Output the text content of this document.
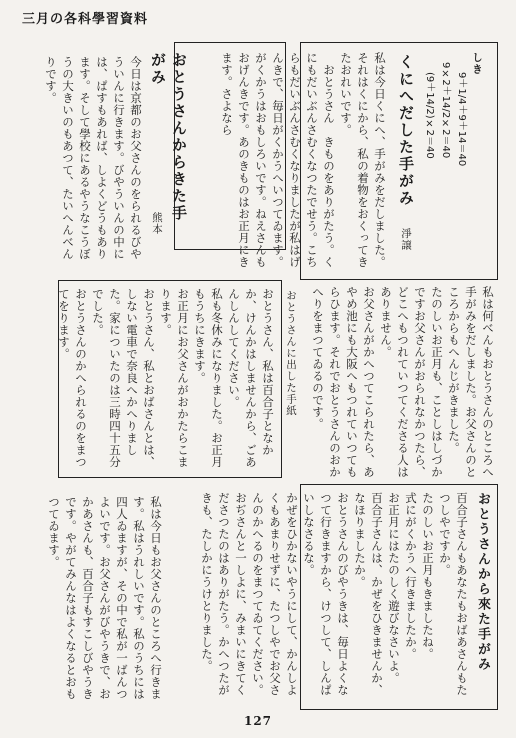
三月の各科學習資料
しき
9＋1/4＋9＋14＝40
9×2＋14/2×2＝40
(9＋14/2)×2＝40
くにへだした手がみ
淨譲
私は今日くにへ、手がみをだしました。それはくにから、私の着物をおくってきたおれいです。
　おとうさん　きものをありがたう。くにもだいぶんさむくなつたでせう。こちらもだいぶんさむくなりましたが私はげんきで、毎日がくかうへいつてゐます。がくかうはおもしろいです。ねえさんもおげんきです。あのきものはお正月にきます。さよなら
おとうさんからきた手がみ
熊本
今日は京都のお父さんのをられるびやういんに行きます。びやういんの中には、ぱすもあれば、しよくどうもあります。そして學校にあるやうなこうぼうの大きいのもあつて、たいへんべんりです。
私は何べんもおとうさんのところへ手がみをだしました。お父さんのところからもへんじがきました。
たのしいお正月も、ことしはしづかですお父さんがおられなかつたら、どこへもつれていつてくださる人はありません。
お父さんがかへつてこられたら、あやめ池にも大阪へもつれていつてもらひます。それでおとうさんのおかへりをまつてゐるのです。
おとうさんに出した手紙
おとうさん、私は百合子となかか、けんかはしませんから、ごあんしんしてください。
私も冬休みになりました。お正月もうちにきます。
お正月にお父さんがおかたらこまります。
おとうさん、私とおばさんとは、しない電車で奈良へかへりました。家についたのは三時四十五分でした。
おとうさんのかへられるのをまつてをります。
おとうさんから來た手がみ
百合子さんもあなたもおばあさんもたつしやですか。
たのしいお正月もきましたね。
式にがくかうへ行きましたか。
お正月にはたのしく遊びなさいよ。
百合子さんは、かぜをひきませんか、なほりましたか。
おとうさんのびやうきは、毎日よくなつて行きますから、けつして、しんぱいしなさるな。
かぜをひかないやうにして、かんしよくもあまりせずに、たつしやでお父さんのかへるのをまつてゐてください。
おぢさんと一しよに、みまいにきてくださつたのはありがたう。かへつたがきも、たしかにうけとりました。
私は今日もお父さんのところへ行きます。私はうれしいです。私のうちには四人ゐますが、その中で私が一ばんつよいです。お父さんがびやうきで、おかあさんも、百合子もすこしびやうきです。やがてみんなはよくなるとおもつてゐます。
127
